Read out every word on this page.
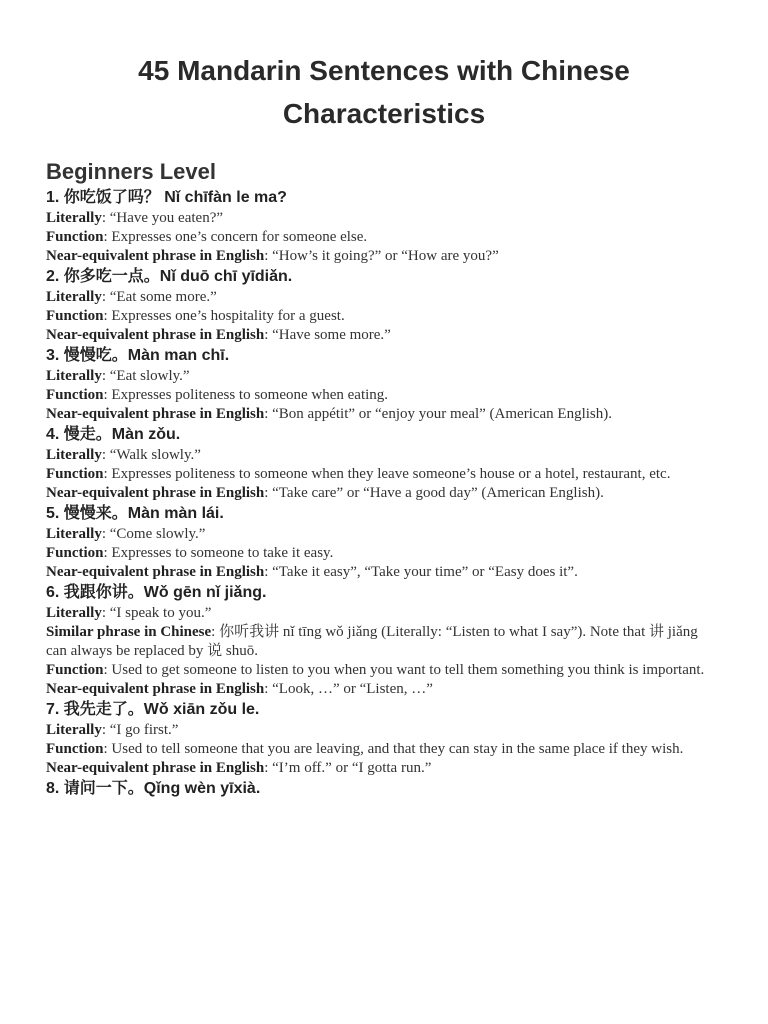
45 Mandarin Sentences with Chinese
Characteristics
Beginners Level

1. 你吃饭了吗？ Nǐ chīfàn le ma?

Literally: “Have you eaten?”

Function: Expresses one’s concern for someone else.

Near-equivalent phrase in English: “How’s it going?” or “How are you?”

2. 你多吃一点。Nǐ duō chī yīdiǎn.

Literally: “Eat some more.”

Function: Expresses one’s hospitality for a guest.

Near-equivalent phrase in English: “Have some more.”

3. 慢慢吃。Màn man chī.

Literally: “Eat slowly.”

Function: Expresses politeness to someone when eating.

Near-equivalent phrase in English: “Bon appétit” or “enjoy your meal” (American English).

4. 慢走。Màn zǒu.

Literally: “Walk slowly.”

Function: Expresses politeness to someone when they leave someone’s house or a hotel, restaurant, etc.

Near-equivalent phrase in English: “Take care” or “Have a good day” (American English).

5. 慢慢来。Màn màn lái.

Literally: “Come slowly.”

Function: Expresses to someone to take it easy.

Near-equivalent phrase in English: “Take it easy”, “Take your time” or “Easy does it”.

6. 我跟你讲。Wǒ gēn nǐ jiǎng.

Literally: “I speak to you.”

Similar phrase in Chinese: 你听我讲 nǐ tīng wǒ jiǎng (Literally: “Listen to what I say”). Note that 讲 jiǎng can always be replaced by 说 shuō.

Function: Used to get someone to listen to you when you want to tell them something you think is important.

Near-equivalent phrase in English: “Look, …” or “Listen, …”

7. 我先走了。Wǒ xiān zǒu le.

Literally: “I go first.”

Function: Used to tell someone that you are leaving, and that they can stay in the same place if they wish.

Near-equivalent phrase in English: “I’m off.” or “I gotta run.”

8. 请问一下。Qǐng wèn yīxià.
